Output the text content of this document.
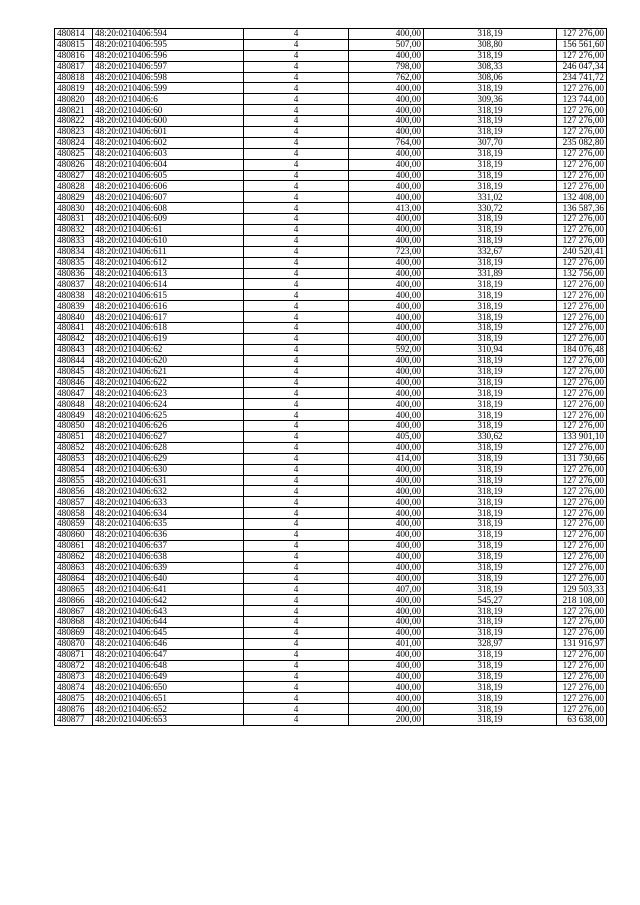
480814	48:20:0210406:594	4	400,00	318,19	127 276,00
480815	48:20:0210406:595	4	507,00	308,80	156 561,60
480816	48:20:0210406:596	4	400,00	318,19	127 276,00
480817	48:20:0210406:597	4	798,00	308,33	246 047,34
480818	48:20:0210406:598	4	762,00	308,06	234 741,72
480819	48:20:0210406:599	4	400,00	318,19	127 276,00
480820	48:20:0210406:6	4	400,00	309,36	123 744,00
480821	48:20:0210406:60	4	400,00	318,19	127 276,00
480822	48:20:0210406:600	4	400,00	318,19	127 276,00
480823	48:20:0210406:601	4	400,00	318,19	127 276,00
480824	48:20:0210406:602	4	764,00	307,70	235 082,80
480825	48:20:0210406:603	4	400,00	318,19	127 276,00
480826	48:20:0210406:604	4	400,00	318,19	127 276,00
480827	48:20:0210406:605	4	400,00	318,19	127 276,00
480828	48:20:0210406:606	4	400,00	318,19	127 276,00
480829	48:20:0210406:607	4	400,00	331,02	132 408,00
480830	48:20:0210406:608	4	413,00	330,72	136 587,36
480831	48:20:0210406:609	4	400,00	318,19	127 276,00
480832	48:20:0210406:61	4	400,00	318,19	127 276,00
480833	48:20:0210406:610	4	400,00	318,19	127 276,00
480834	48:20:0210406:611	4	723,00	332,67	240 520,41
480835	48:20:0210406:612	4	400,00	318,19	127 276,00
480836	48:20:0210406:613	4	400,00	331,89	132 756,00
480837	48:20:0210406:614	4	400,00	318,19	127 276,00
480838	48:20:0210406:615	4	400,00	318,19	127 276,00
480839	48:20:0210406:616	4	400,00	318,19	127 276,00
480840	48:20:0210406:617	4	400,00	318,19	127 276,00
480841	48:20:0210406:618	4	400,00	318,19	127 276,00
480842	48:20:0210406:619	4	400,00	318,19	127 276,00
480843	48:20:0210406:62	4	592,00	310,94	184 076,48
480844	48:20:0210406:620	4	400,00	318,19	127 276,00
480845	48:20:0210406:621	4	400,00	318,19	127 276,00
480846	48:20:0210406:622	4	400,00	318,19	127 276,00
480847	48:20:0210406:623	4	400,00	318,19	127 276,00
480848	48:20:0210406:624	4	400,00	318,19	127 276,00
480849	48:20:0210406:625	4	400,00	318,19	127 276,00
480850	48:20:0210406:626	4	400,00	318,19	127 276,00
480851	48:20:0210406:627	4	405,00	330,62	133 901,10
480852	48:20:0210406:628	4	400,00	318,19	127 276,00
480853	48:20:0210406:629	4	414,00	318,19	131 730,66
480854	48:20:0210406:630	4	400,00	318,19	127 276,00
480855	48:20:0210406:631	4	400,00	318,19	127 276,00
480856	48:20:0210406:632	4	400,00	318,19	127 276,00
480857	48:20:0210406:633	4	400,00	318,19	127 276,00
480858	48:20:0210406:634	4	400,00	318,19	127 276,00
480859	48:20:0210406:635	4	400,00	318,19	127 276,00
480860	48:20:0210406:636	4	400,00	318,19	127 276,00
480861	48:20:0210406:637	4	400,00	318,19	127 276,00
480862	48:20:0210406:638	4	400,00	318,19	127 276,00
480863	48:20:0210406:639	4	400,00	318,19	127 276,00
480864	48:20:0210406:640	4	400,00	318,19	127 276,00
480865	48:20:0210406:641	4	407,00	318,19	129 503,33
480866	48:20:0210406:642	4	400,00	545,27	218 108,00
480867	48:20:0210406:643	4	400,00	318,19	127 276,00
480868	48:20:0210406:644	4	400,00	318,19	127 276,00
480869	48:20:0210406:645	4	400,00	318,19	127 276,00
480870	48:20:0210406:646	4	401,00	328,97	131 916,97
480871	48:20:0210406:647	4	400,00	318,19	127 276,00
480872	48:20:0210406:648	4	400,00	318,19	127 276,00
480873	48:20:0210406:649	4	400,00	318,19	127 276,00
480874	48:20:0210406:650	4	400,00	318,19	127 276,00
480875	48:20:0210406:651	4	400,00	318,19	127 276,00
480876	48:20:0210406:652	4	400,00	318,19	127 276,00
480877	48:20:0210406:653	4	200,00	318,19	63 638,00
